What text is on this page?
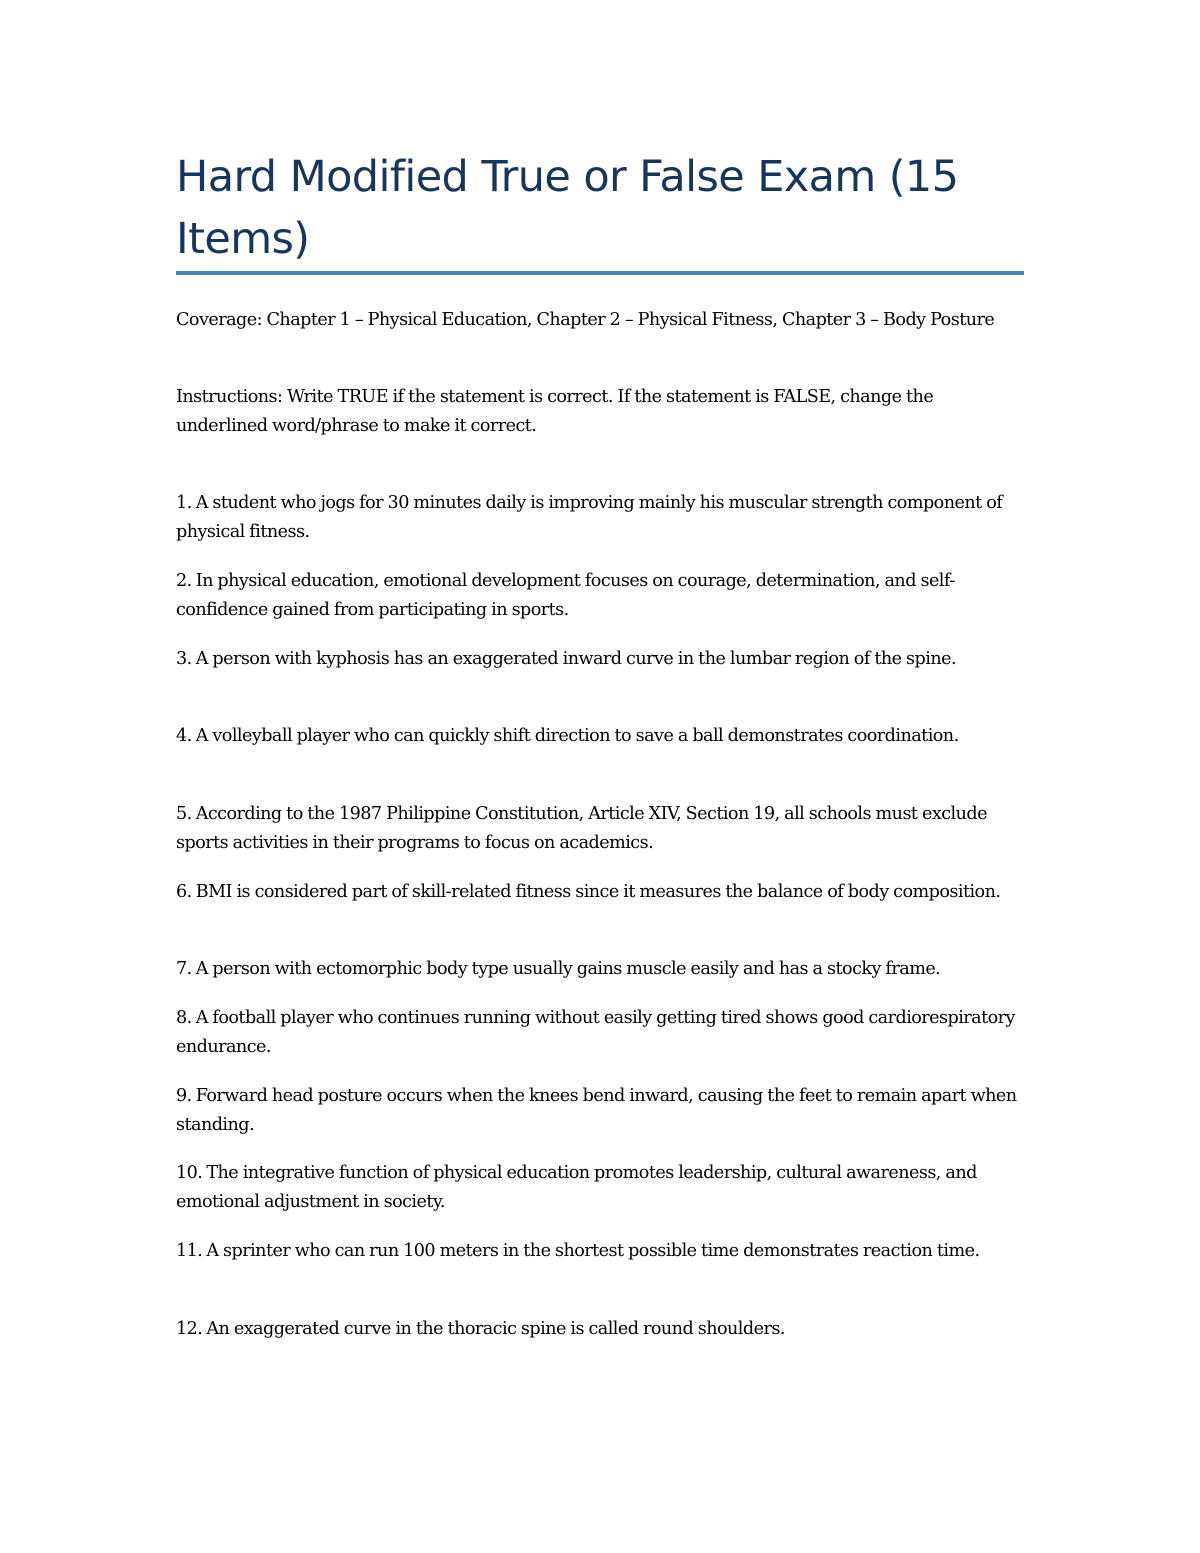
Hard Modified True or False Exam (15 Items)

Coverage: Chapter 1 – Physical Education, Chapter 2 – Physical Fitness, Chapter 3 – Body Posture

Instructions: Write TRUE if the statement is correct. If the statement is FALSE, change the underlined word/phrase to make it correct.

1. A student who jogs for 30 minutes daily is improving mainly his muscular strength component of physical fitness.

2. In physical education, emotional development focuses on courage, determination, and self-confidence gained from participating in sports.

3. A person with kyphosis has an exaggerated inward curve in the lumbar region of the spine.

4. A volleyball player who can quickly shift direction to save a ball demonstrates coordination.

5. According to the 1987 Philippine Constitution, Article XIV, Section 19, all schools must exclude sports activities in their programs to focus on academics.

6. BMI is considered part of skill-related fitness since it measures the balance of body composition.

7. A person with ectomorphic body type usually gains muscle easily and has a stocky frame.

8. A football player who continues running without easily getting tired shows good cardiorespiratory endurance.

9. Forward head posture occurs when the knees bend inward, causing the feet to remain apart when standing.

10. The integrative function of physical education promotes leadership, cultural awareness, and emotional adjustment in society.

11. A sprinter who can run 100 meters in the shortest possible time demonstrates reaction time.

12. An exaggerated curve in the thoracic spine is called round shoulders.
